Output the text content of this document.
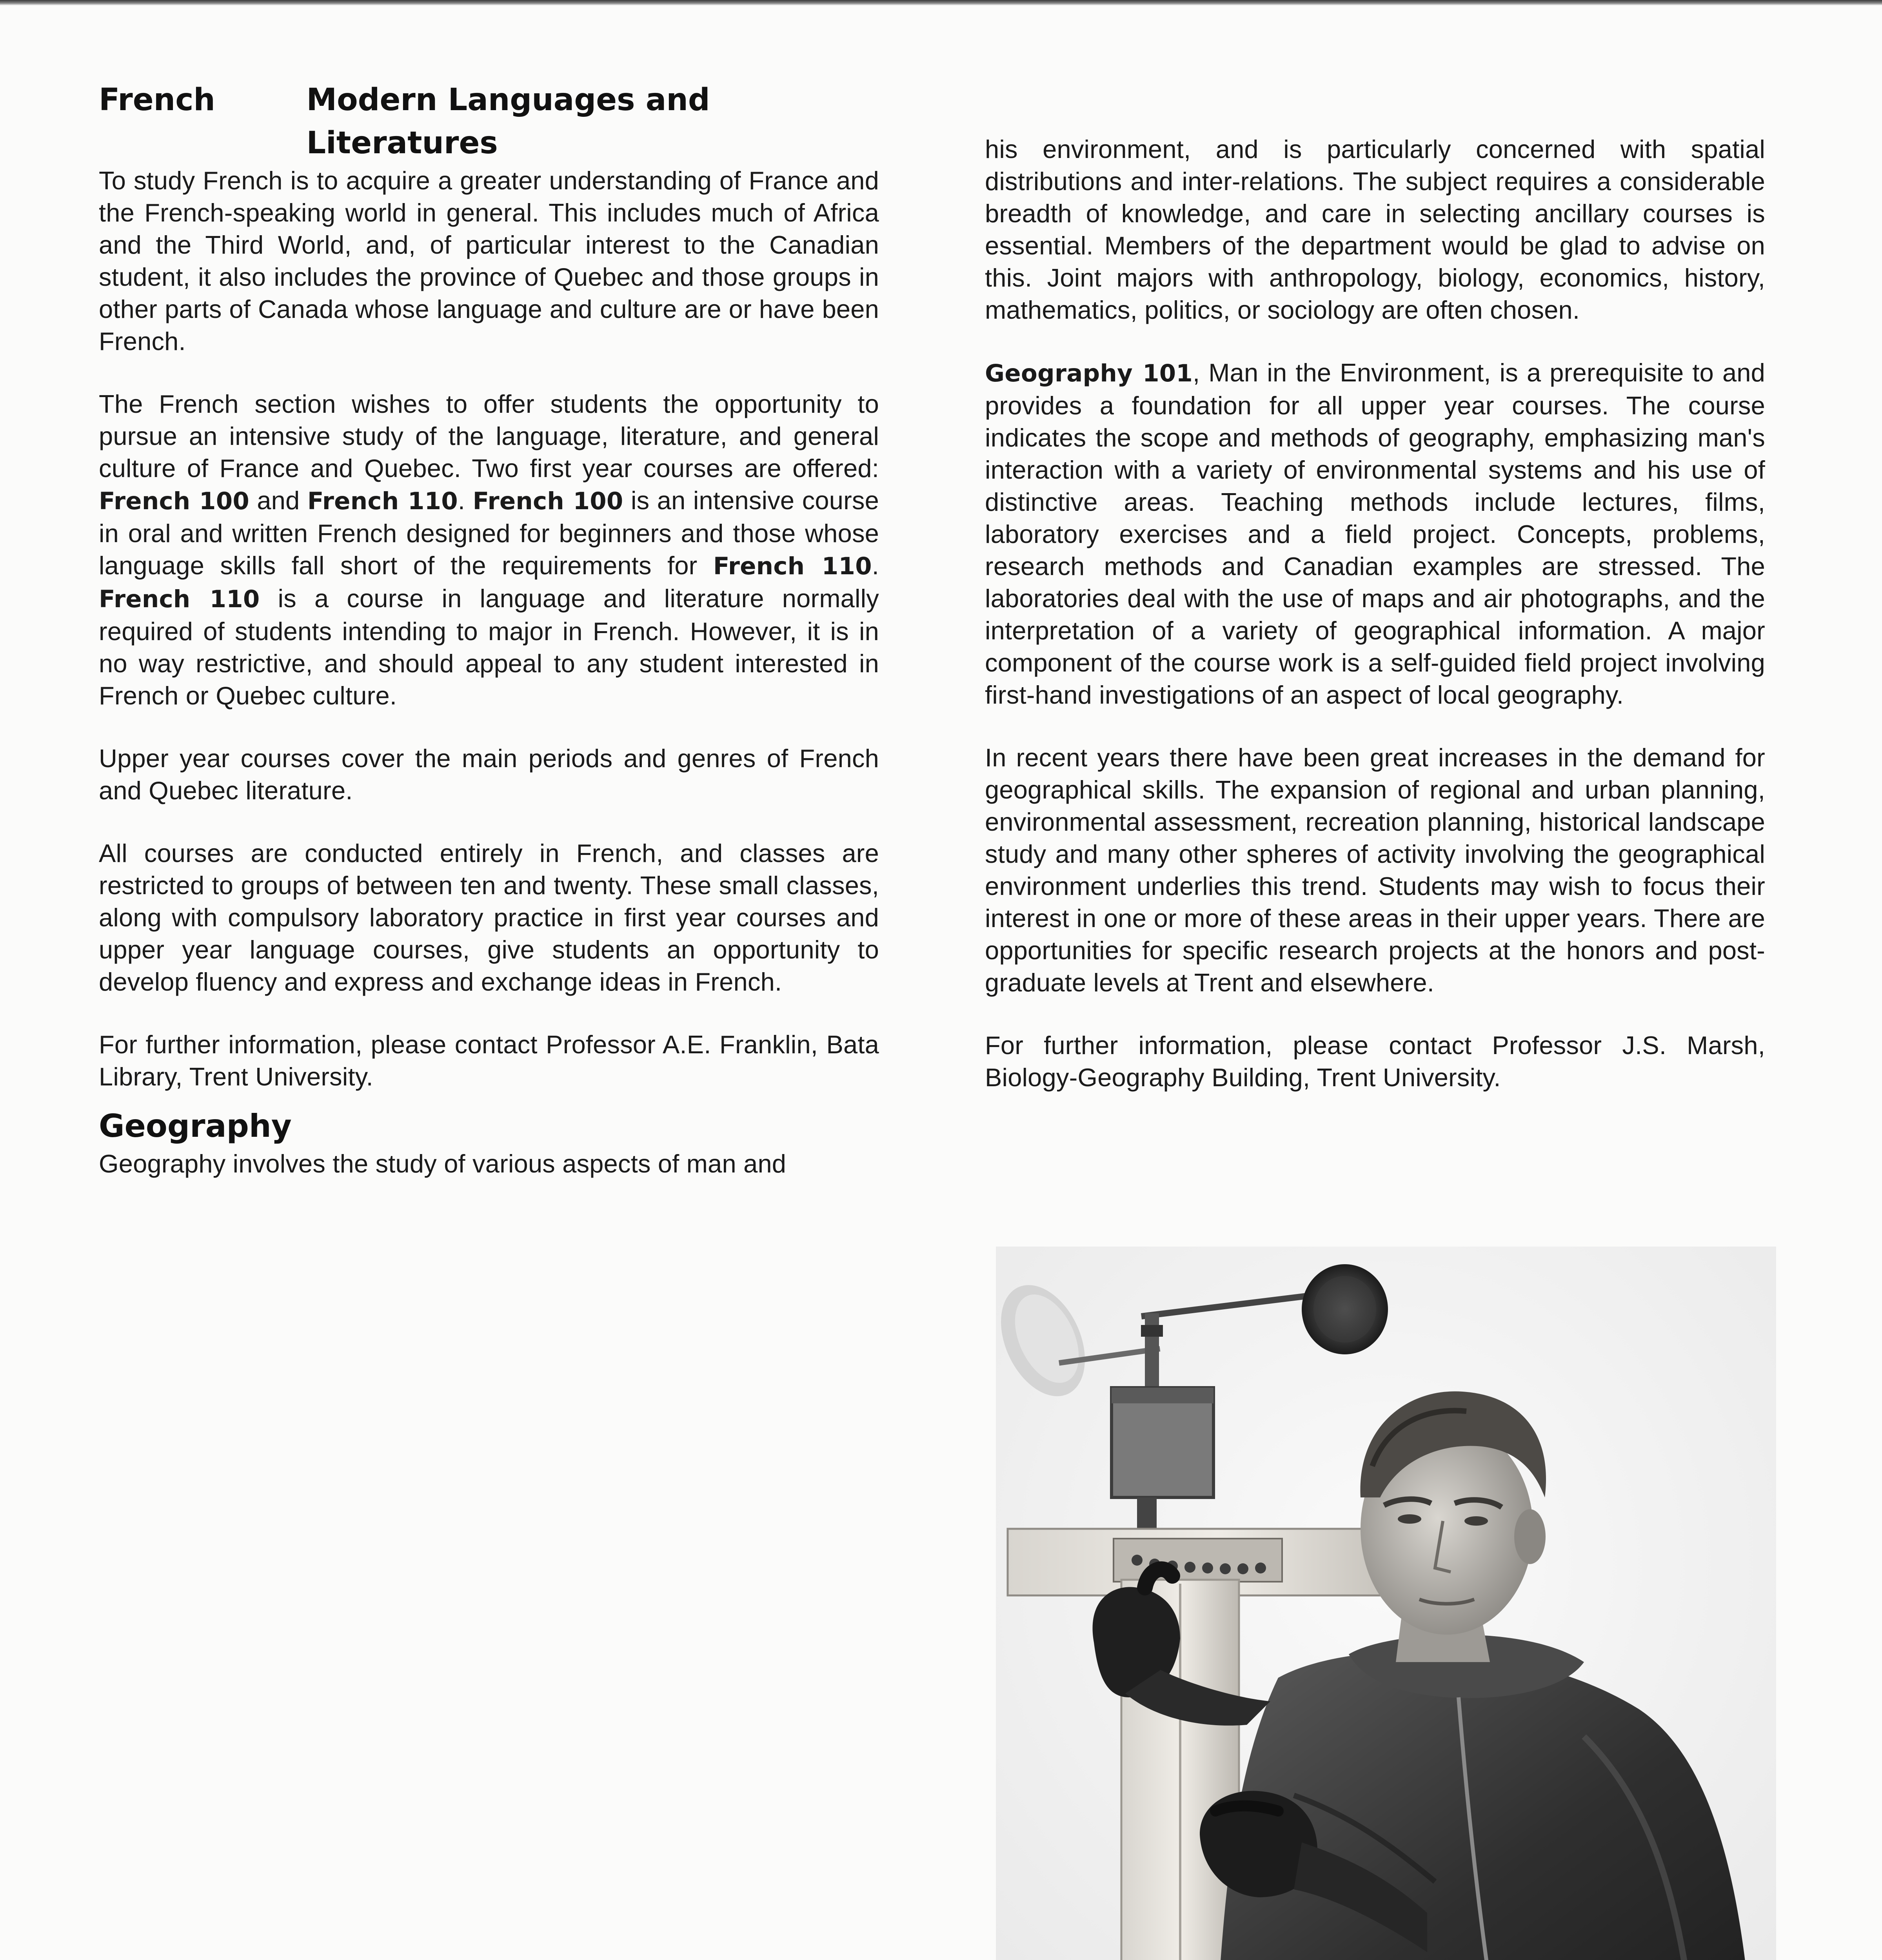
French	Modern Languages and Literatures

To study French is to acquire a greater understanding of France and the French-speaking world in general. This includes much of Africa and the Third World, and, of particular interest to the Canadian student, it also includes the province of Quebec and those groups in other parts of Canada whose language and culture are or have been French.

The French section wishes to offer students the opportunity to pursue an intensive study of the language, literature, and general culture of France and Quebec. Two first year courses are offered: French 100 and French 110. French 100 is an intensive course in oral and written French designed for beginners and those whose language skills fall short of the requirements for French 110. French 110 is a course in language and literature normally required of students intending to major in French. However, it is in no way restrictive, and should appeal to any student interested in French or Quebec culture.

Upper year courses cover the main periods and genres of French and Quebec literature.

All courses are conducted entirely in French, and classes are restricted to groups of between ten and twenty. These small classes, along with compulsory laboratory practice in first year courses and upper year language courses, give students an opportunity to develop fluency and express and exchange ideas in French.

For further information, please contact Professor A.E. Franklin, Bata Library, Trent University.

Geography

Geography involves the study of various aspects of man and

his environment, and is particularly concerned with spatial distributions and inter-relations. The subject requires a considerable breadth of knowledge, and care in selecting ancillary courses is essential. Members of the department would be glad to advise on this. Joint majors with anthropology, biology, economics, history, mathematics, politics, or sociology are often chosen.

Geography 101, Man in the Environment, is a prerequisite to and provides a foundation for all upper year courses. The course indicates the scope and methods of geography, emphasizing man's interaction with a variety of environmental systems and his use of distinctive areas. Teaching methods include lectures, films, laboratory exercises and a field project. Concepts, problems, research methods and Canadian examples are stressed. The laboratories deal with the use of maps and air photographs, and the interpretation of a variety of geographical information. A major component of the course work is a self-guided field project involving first-hand investigations of an aspect of local geography.

In recent years there have been great increases in the demand for geographical skills. The expansion of regional and urban planning, environmental assessment, recreation planning, historical landscape study and many other spheres of activity involving the geographical environment underlies this trend. Students may wish to focus their interest in one or more of these areas in their upper years. There are opportunities for specific research projects at the honors and post-graduate levels at Trent and elsewhere.

For further information, please contact Professor J.S. Marsh, Biology-Geography Building, Trent University.
